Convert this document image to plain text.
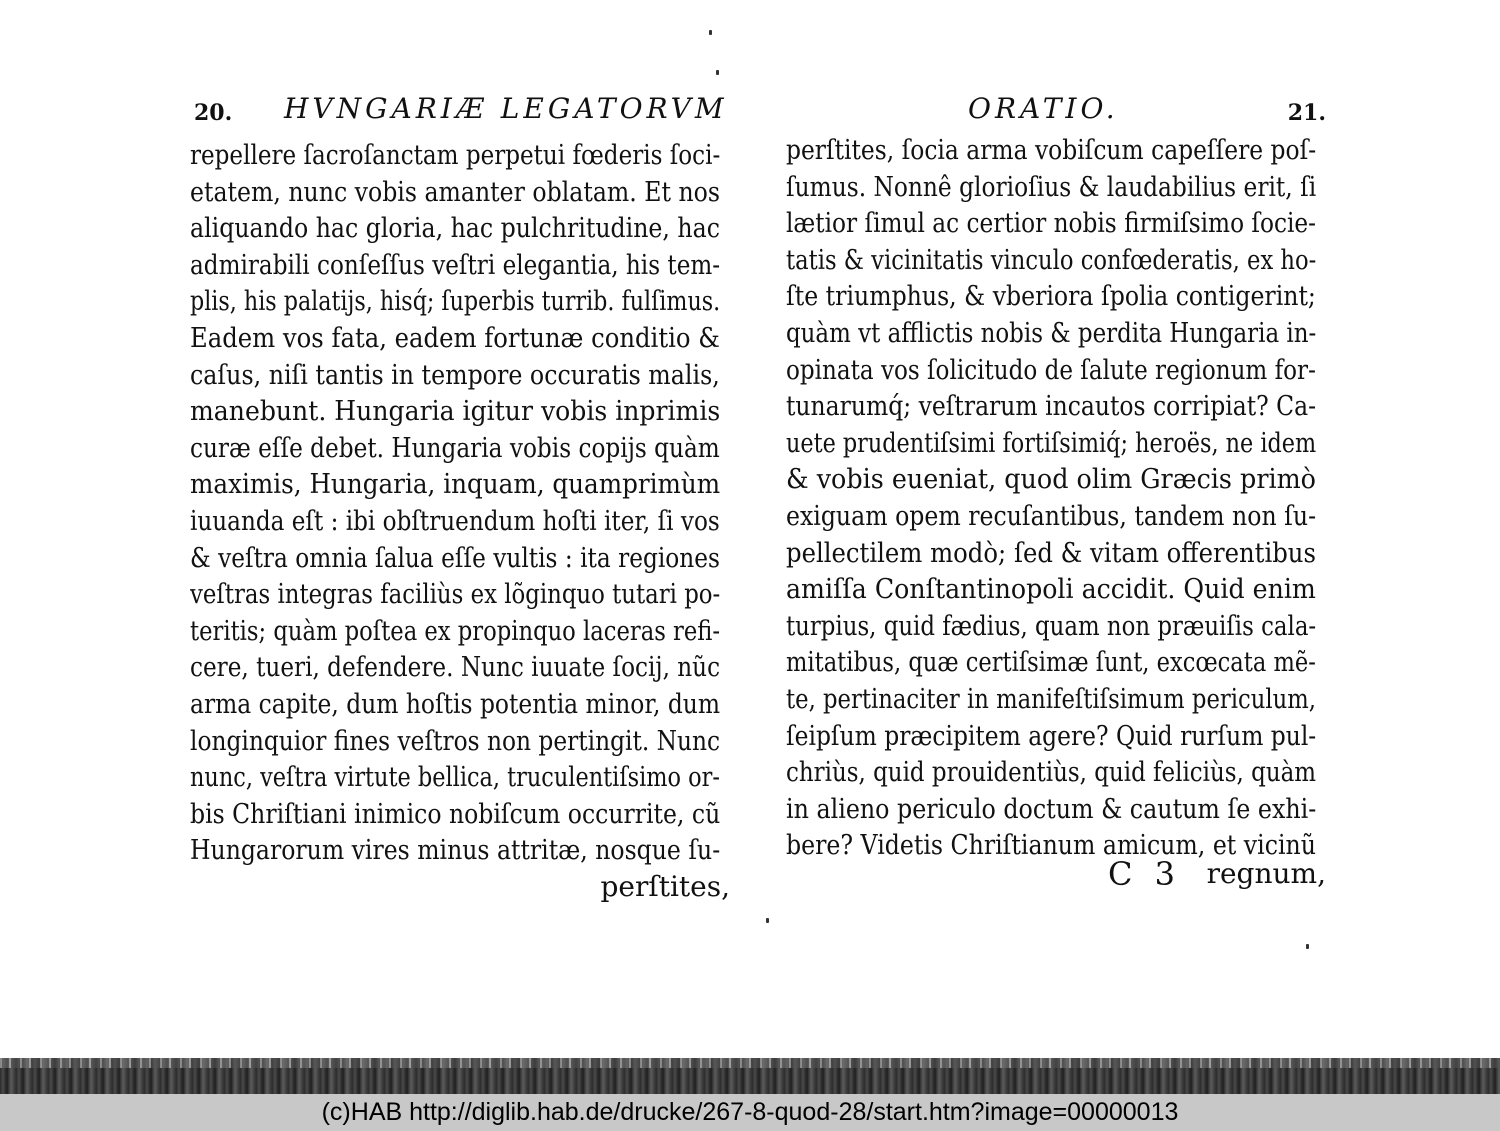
20. HVNGARIÆ LEGATORVM
repellere ſacroſanctam perpetui fœderis ſoci-
etatem, nunc vobis amanter oblatam. Et nos
aliquando hac gloria, hac pulchritudine, hac
admirabili conſeſſus veſtri elegantia, his tem-
plis, his palatijs, hisq́; ſuperbis turrib. fulſimus.
Eadem vos fata, eadem fortunæ conditio &
caſus, niſi tantis in tempore occuratis malis,
manebunt. Hungaria igitur vobis inprimis
curæ eſſe debet. Hungaria vobis copijs quàm
maximis, Hungaria, inquam, quamprimùm
iuuanda eſt : ibi obſtruendum hoſti iter, ſi vos
& veſtra omnia ſalua eſſe vultis : ita regiones
veſtras integras faciliùs ex lõginquo tutari po-
teritis; quàm poſtea ex propinquo laceras refi-
cere, tueri, defendere. Nunc iuuate ſocij, nũc
arma capite, dum hoſtis potentia minor, dum
longinquior fines veſtros non pertingit. Nunc
nunc, veſtra virtute bellica, truculentiſsimo or-
bis Chriſtiani inimico nobiſcum occurrite, cũ
Hungarorum vires minus attritæ, nosque ſu-
perſtites,
ORATIO.	21.
perſtites, ſocia arma vobiſcum capeſſere poſ-
ſumus. Nonnê glorioſius & laudabilius erit, ſi
lætior ſimul ac certior nobis firmiſsimo ſocie-
tatis & vicinitatis vinculo confœderatis, ex ho-
ſte triumphus, & vberiora ſpolia contigerint;
quàm vt afflictis nobis & perdita Hungaria in-
opinata vos ſolicitudo de ſalute regionum for-
tunarumq́; veſtrarum incautos corripiat? Ca-
uete prudentiſsimi fortiſsimiq́; heroës, ne idem
& vobis eueniat, quod olim Græcis primò
exiguam opem recuſantibus, tandem non ſu-
pellectilem modò; ſed & vitam offerentibus
amiſſa Conſtantinopoli accidit. Quid enim
turpius, quid fædius, quam non præuiſis cala-
mitatibus, quæ certiſsimæ ſunt, excœcata mẽ-
te, pertinaciter in manifeſtiſsimum periculum,
ſeipſum præcipitem agere? Quid rurſum pul-
chriùs, quid prouidentiùs, quid feliciùs, quàm
in alieno periculo doctum & cautum ſe exhi-
bere? Videtis Chriſtianum amicum, et vicinũ
C 3 regnum,
(c)HAB http://diglib.hab.de/drucke/267-8-quod-28/start.htm?image=00000013
